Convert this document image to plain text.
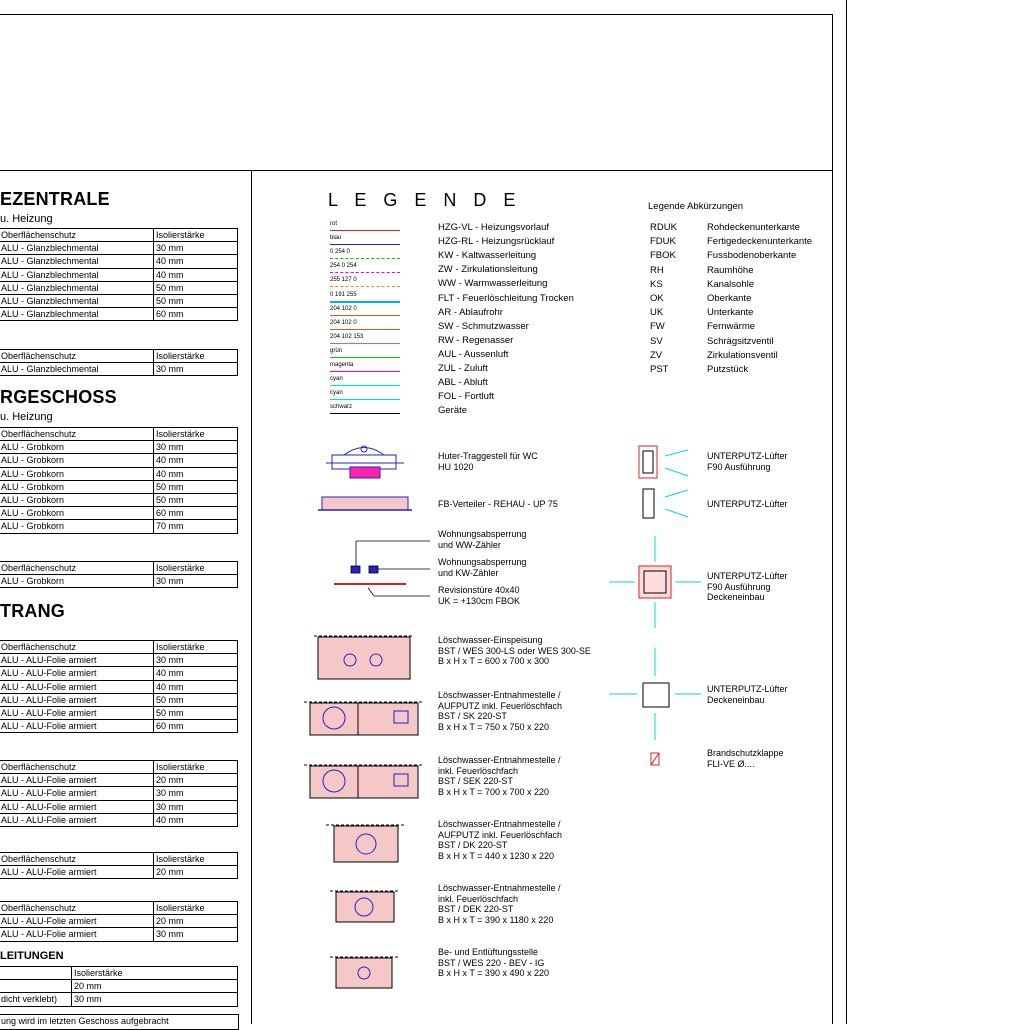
EZENTRALE
u. Heizung
Oberflächenschutz	Isolierstärke
ALU - Glanzblechmental	30 mm
ALU - Glanzblechmental	40 mm
ALU - Glanzblechmental	40 mm
ALU - Glanzblechmental	50 mm
ALU - Glanzblechmental	50 mm
ALU - Glanzblechmental	60 mm
Oberflächenschutz	Isolierstärke
ALU - Glanzblechmental	30 mm
RGESCHOSS
u. Heizung
Oberflächenschutz	Isolierstärke
ALU - Grobkorn	30 mm
ALU - Grobkorn	40 mm
ALU - Grobkorn	40 mm
ALU - Grobkorn	50 mm
ALU - Grobkorn	50 mm
ALU - Grobkorn	60 mm
ALU - Grobkorn	70 mm
Oberflächenschutz	Isolierstärke
ALU - Grobkorn	30 mm
TRANG
Oberflächenschutz	Isolierstärke
ALU - ALU-Folie armiert	30 mm
ALU - ALU-Folie armiert	40 mm
ALU - ALU-Folie armiert	40 mm
ALU - ALU-Folie armiert	50 mm
ALU - ALU-Folie armiert	50 mm
ALU - ALU-Folie armiert	60 mm
Oberflächenschutz	Isolierstärke
ALU - ALU-Folie armiert	20 mm
ALU - ALU-Folie armiert	30 mm
ALU - ALU-Folie armiert	30 mm
ALU - ALU-Folie armiert	40 mm
Oberflächenschutz	Isolierstärke
ALU - ALU-Folie armiert	20 mm
Oberflächenschutz	Isolierstärke
ALU - ALU-Folie armiert	20 mm
ALU - ALU-Folie armiert	30 mm
LEITUNGEN
	Isolierstärke
	20 mm
dicht verklebt)	30 mm
ung wird im letzten Geschoss aufgebracht
L E G E N D E
rot	HZG-VL - Heizungsvorlauf
blau	HZG-RL - Heizungsrücklauf
0 254 0	KW - Kaltwasserleitung
254 0 254	ZW - Zirkulationsleitung
255 127 0	WW - Warmwasserleitung
0 191 255	FLT - Feuerlöschleitung Trocken
204 102 0	AR - Ablaufrohr
204 102 0	SW - Schmutzwasser
204 102 153	RW - Regenasser
grün	AUL - Aussenluft
magenta	ZUL - Zuluft
cyan	ABL - Abluft
cyan	FOL - Fortluft
schwarz	Geräte
Legende Abkürzungen
RDUK	Rohdeckenunterkante
FDUK	Fertigedeckenunterkante
FBOK	Fussbodenoberkante
RH	Raumhöhe
KS	Kanalsohle
OK	Oberkante
UK	Unterkante
FW	Fernwärme
SV	Schrägsitzventil
ZV	Zirkulationsventil
PST	Putzstück
Huter-Traggestell für WC
HU 1020
FB-Verteiler - REHAU - UP 75
Wohnungsabsperrung
und WW-Zähler
Wohnungsabsperrung
und KW-Zähler
Revisionstüre 40x40
UK = +130cm FBOK
Löschwasser-Einspeisung
BST / WES 300-LS oder WES 300-SE
B x H x T = 600 x 700 x 300
Löschwasser-Entnahmestelle /
AUFPUTZ inkl. Feuerlöschfach
BST / SK 220-ST
B x H x T = 750 x 750 x 220
Löschwasser-Entnahmestelle /
inkl. Feuerlöschfach
BST / SEK 220-ST
B x H x T = 700 x 700 x 220
Löschwasser-Entnahmestelle /
AUFPUTZ inkl. Feuerlöschfach
BST / DK 220-ST
B x H x T = 440 x 1230 x 220
Löschwasser-Entnahmestelle /
inkl. Feuerlöschfach
BST / DEK 220-ST
B x H x T = 390 x 1180 x 220
Be- und Entlüftungsstelle
BST / WES 220 - BEV - IG
B x H x T = 390 x 490 x 220
UNTERPUTZ-Lüfter
F90 Ausführung
UNTERPUTZ-Lüfter
UNTERPUTZ-Lüfter
F90 Ausführung
Deckeneinbau
UNTERPUTZ-Lüfter
Deckeneinbau
Brandschutzklappe
FLI-VE Ø....
